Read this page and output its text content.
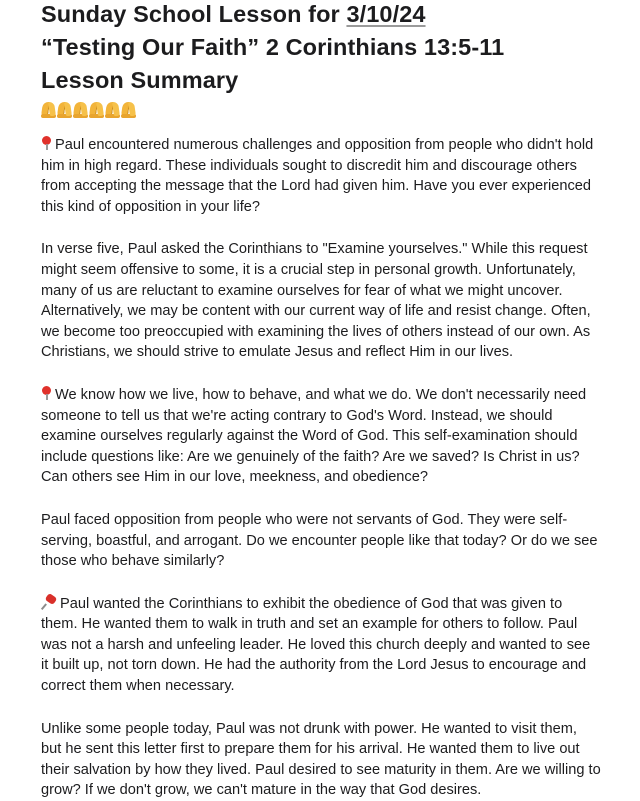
Sunday School Lesson for 3/10/24
“Testing Our Faith” 2 Corinthians 13:5-11
Lesson Summary

Paul encountered numerous challenges and opposition from people who didn't hold him in high regard. These individuals sought to discredit him and discourage others from accepting the message that the Lord had given him. Have you ever experienced this kind of opposition in your life?

In verse five, Paul asked the Corinthians to "Examine yourselves." While this request might seem offensive to some, it is a crucial step in personal growth. Unfortunately, many of us are reluctant to examine ourselves for fear of what we might uncover. Alternatively, we may be content with our current way of life and resist change. Often, we become too preoccupied with examining the lives of others instead of our own. As Christians, we should strive to emulate Jesus and reflect Him in our lives.

We know how we live, how to behave, and what we do. We don't necessarily need someone to tell us that we're acting contrary to God's Word. Instead, we should examine ourselves regularly against the Word of God. This self-examination should include questions like: Are we genuinely of the faith? Are we saved? Is Christ in us? Can others see Him in our love, meekness, and obedience?

Paul faced opposition from people who were not servants of God. They were self-serving, boastful, and arrogant. Do we encounter people like that today? Or do we see those who behave similarly?

Paul wanted the Corinthians to exhibit the obedience of God that was given to them. He wanted them to walk in truth and set an example for others to follow. Paul was not a harsh and unfeeling leader. He loved this church deeply and wanted to see it built up, not torn down. He had the authority from the Lord Jesus to encourage and correct them when necessary.

Unlike some people today, Paul was not drunk with power. He wanted to visit them, but he sent this letter first to prepare them for his arrival. He wanted them to live out their salvation by how they lived. Paul desired to see maturity in them. Are we willing to grow? If we don't grow, we can't mature in the way that God desires.
